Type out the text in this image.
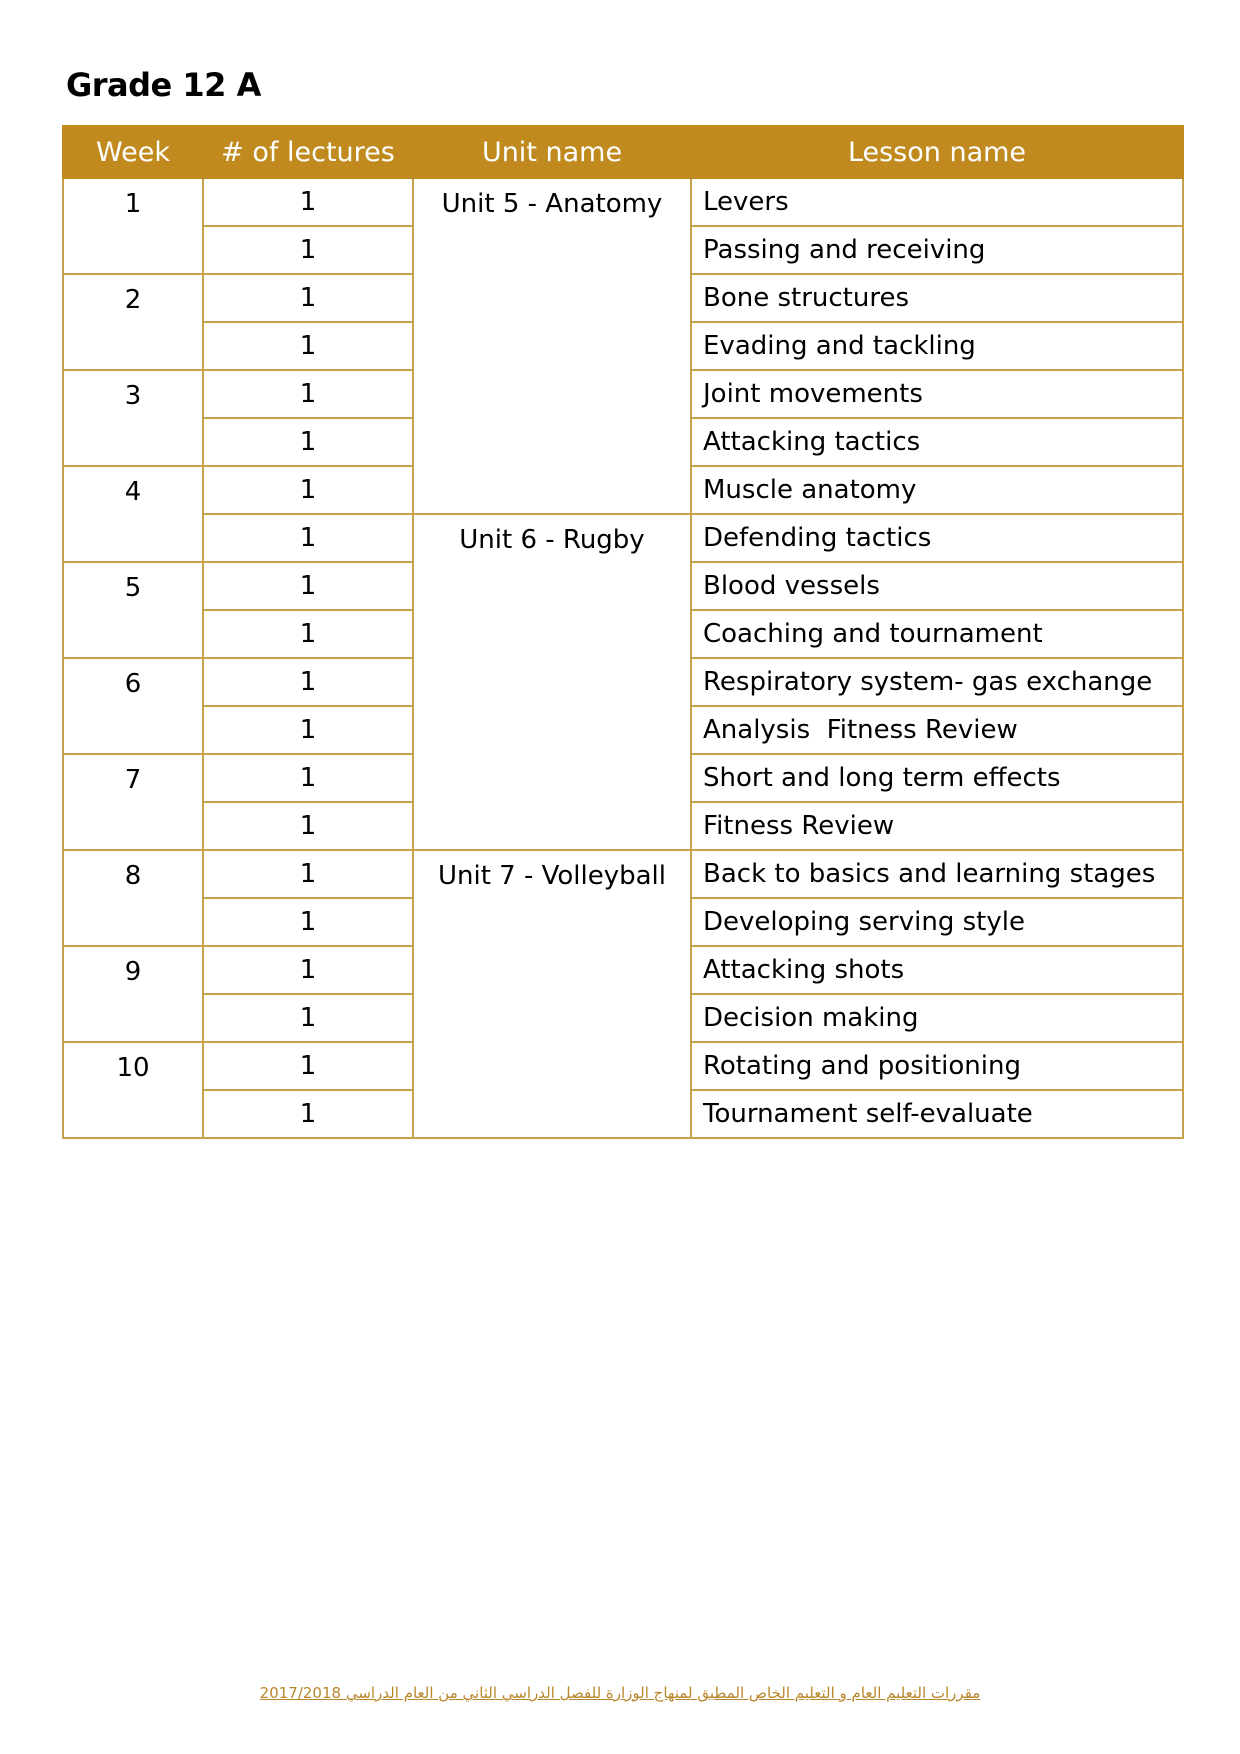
Grade 12 A
Week	# of lectures	Unit name	Lesson name
1	1	Unit 5 - Anatomy	Levers
	1		Passing and receiving
2	1		Bone structures
	1		Evading and tackling
3	1		Joint movements
	1		Attacking tactics
4	1		Muscle anatomy
	1	Unit 6 - Rugby	Defending tactics
5	1		Blood vessels
	1		Coaching and tournament
6	1		Respiratory system- gas exchange
	1		Analysis  Fitness Review
7	1		Short and long term effects
	1		Fitness Review
8	1	Unit 7 - Volleyball	Back to basics and learning stages
	1		Developing serving style
9	1		Attacking shots
	1		Decision making
10	1		Rotating and positioning
	1		Tournament self-evaluate
مقررات التعليم العام و التعليم الخاص المطبق لمنهاج الوزارة للفصل الدراسي الثاني من العام الدراسي 2017/2018
